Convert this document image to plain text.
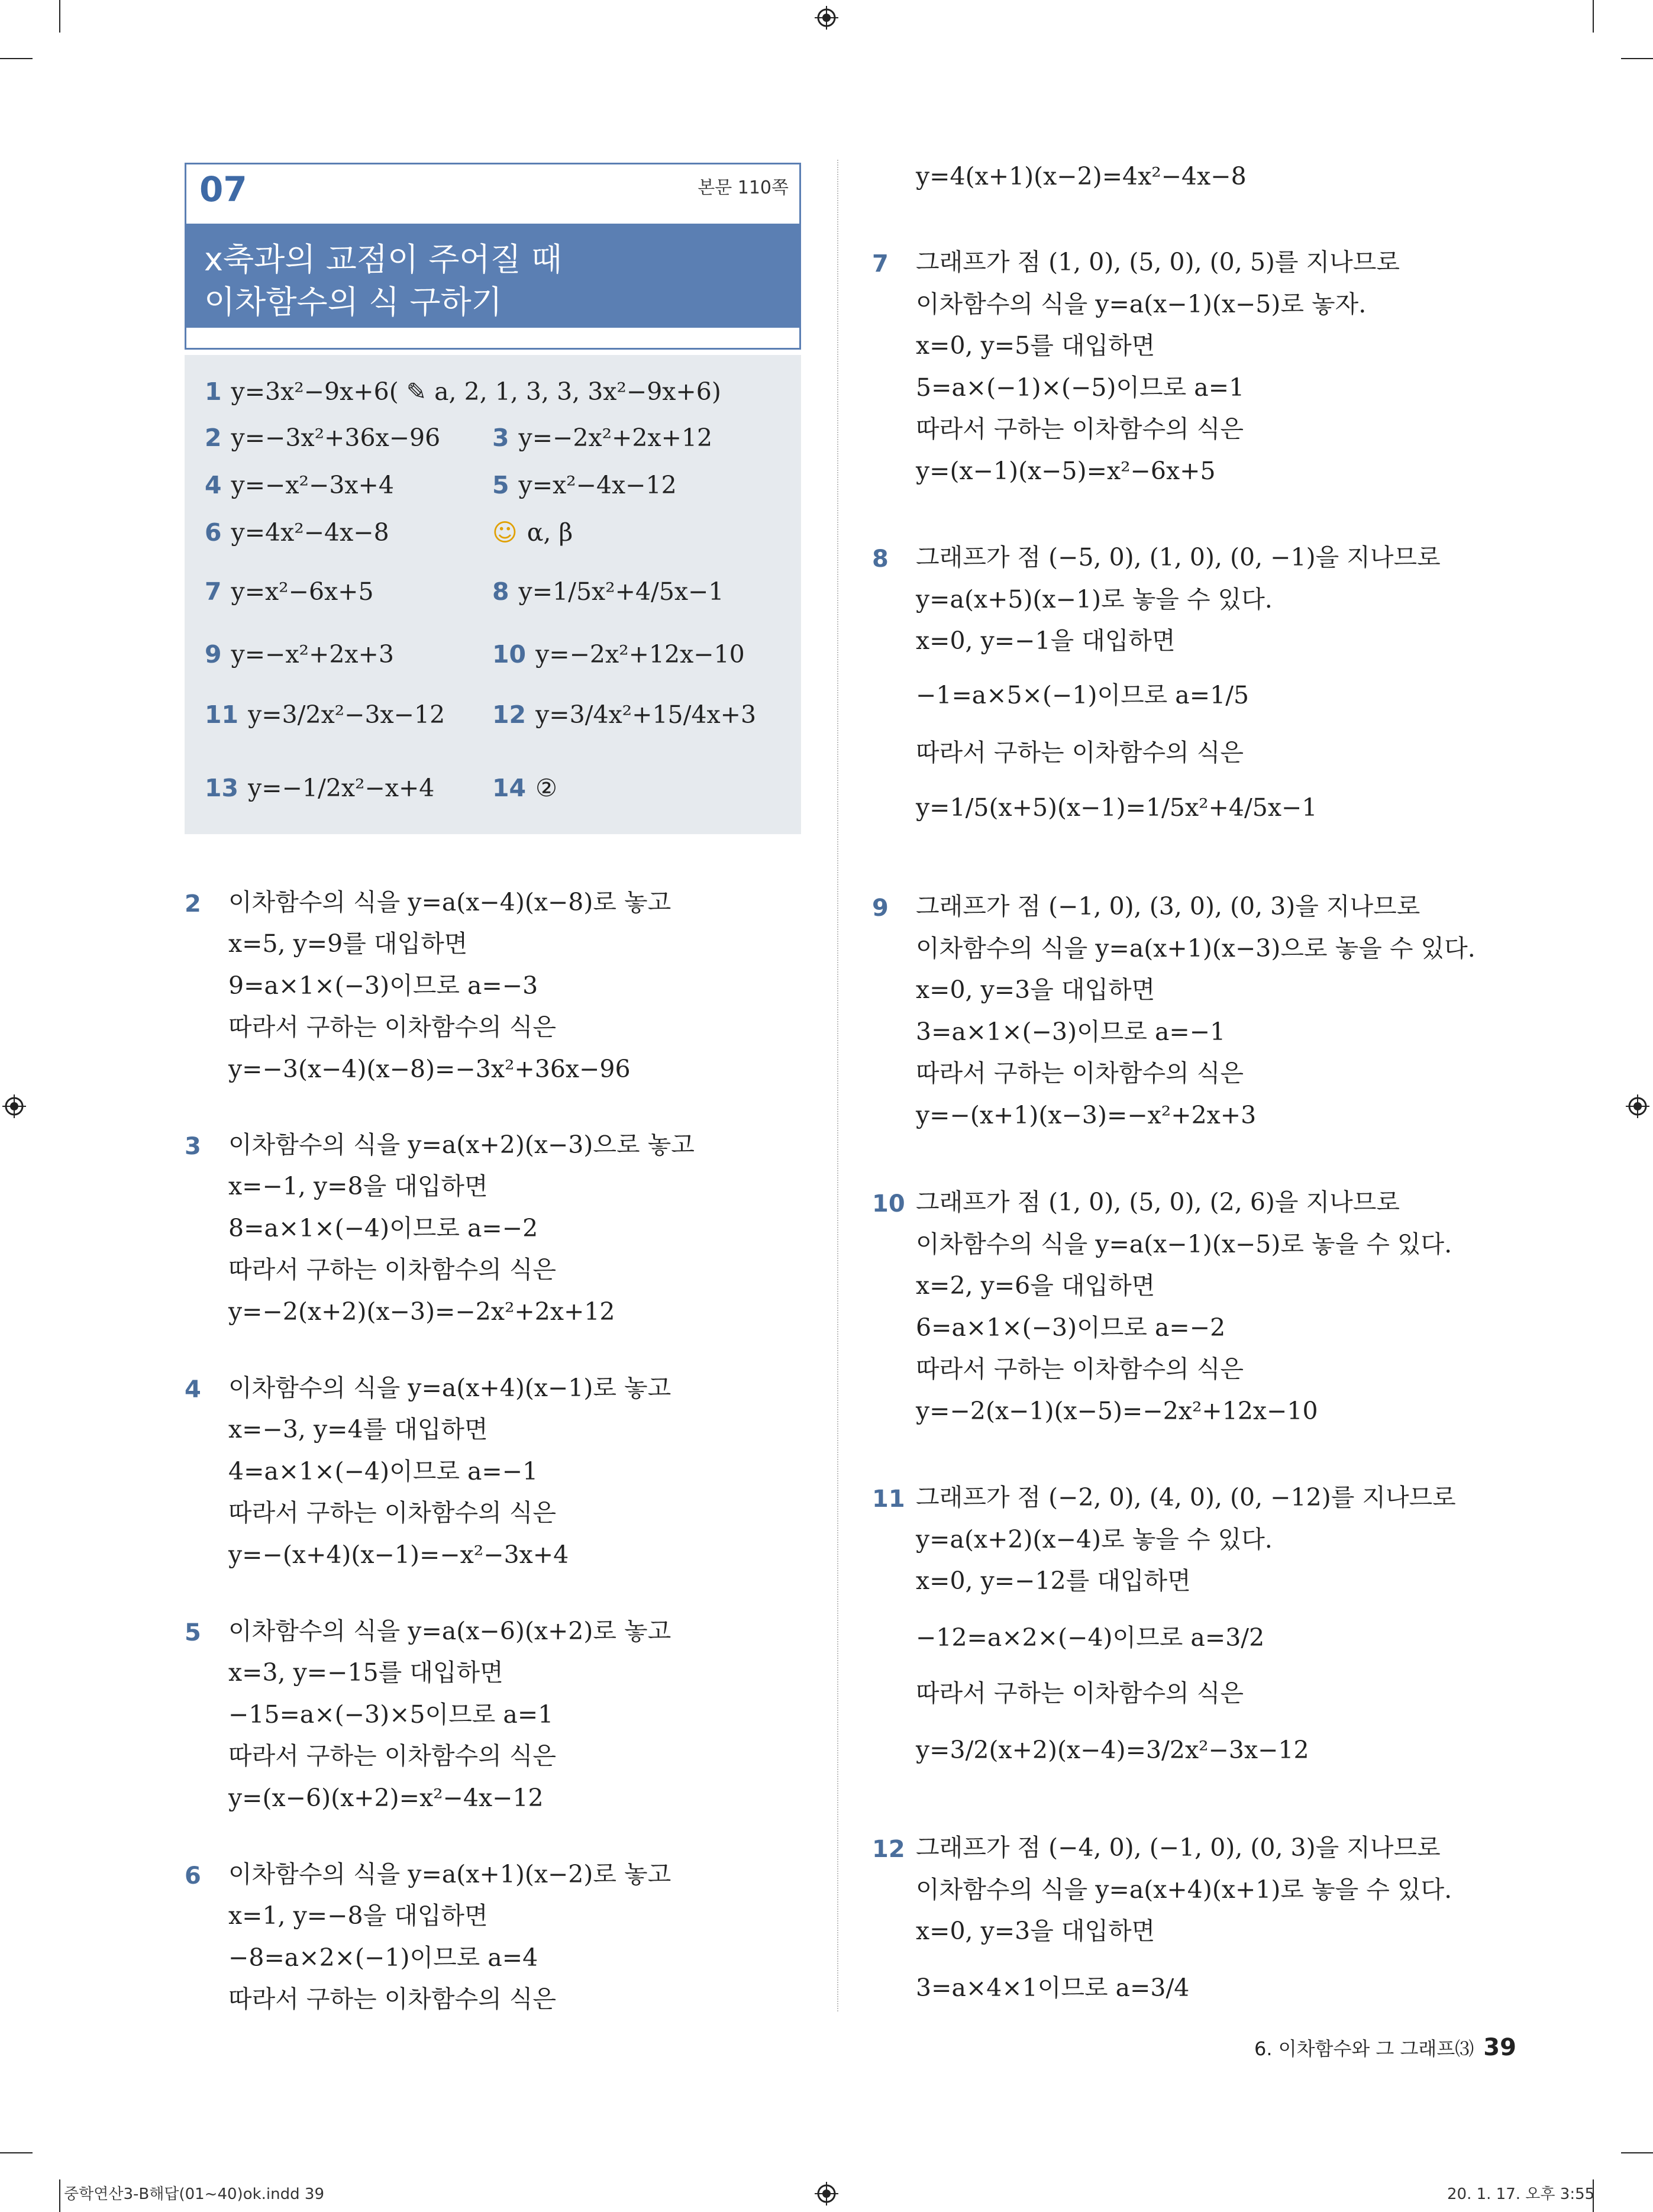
07	본문 110쪽
x축과의 교점이 주어질 때
이차함수의 식 구하기
1 y=3x²−9x+6( ✎ a, 2, 1, 3, 3, 3x²−9x+6)
2 y=−3x²+36x−96 3 y=−2x²+2x+12
4 y=−x²−3x+4	5 y=x²−4x−12
6 y=4x²−4x−8	☺ α, β
7 y=x²−6x+5	8 y=1/5x²+4/5x−1
9 y=−x²+2x+3	10 y=−2x²+12x−10
11 y=3/2x²−3x−12 12 y=3/4x²+15/4x+3
13 y=−1/2x²−x+4 14 ②
2 이차함수의 식을 y=a(x−4)(x−8)로 놓고
x=5, y=9를 대입하면
9=a×1×(−3)이므로 a=−3
따라서 구하는 이차함수의 식은
y=−3(x−4)(x−8)=−3x²+36x−96
3 이차함수의 식을 y=a(x+2)(x−3)으로 놓고
x=−1, y=8을 대입하면
8=a×1×(−4)이므로 a=−2
따라서 구하는 이차함수의 식은
y=−2(x+2)(x−3)=−2x²+2x+12
4 이차함수의 식을 y=a(x+4)(x−1)로 놓고
x=−3, y=4를 대입하면
4=a×1×(−4)이므로 a=−1
따라서 구하는 이차함수의 식은
y=−(x+4)(x−1)=−x²−3x+4
5 이차함수의 식을 y=a(x−6)(x+2)로 놓고
x=3, y=−15를 대입하면
−15=a×(−3)×5이므로 a=1
따라서 구하는 이차함수의 식은
y=(x−6)(x+2)=x²−4x−12
6 이차함수의 식을 y=a(x+1)(x−2)로 놓고
x=1, y=−8을 대입하면
−8=a×2×(−1)이므로 a=4
따라서 구하는 이차함수의 식은
y=4(x+1)(x−2)=4x²−4x−8
7 그래프가 점 (1, 0), (5, 0), (0, 5)를 지나므로
이차함수의 식을 y=a(x−1)(x−5)로 놓자.
x=0, y=5를 대입하면
5=a×(−1)×(−5)이므로 a=1
따라서 구하는 이차함수의 식은
y=(x−1)(x−5)=x²−6x+5
8 그래프가 점 (−5, 0), (1, 0), (0, −1)을 지나므로
y=a(x+5)(x−1)로 놓을 수 있다.
x=0, y=−1을 대입하면
−1=a×5×(−1)이므로 a=1/5
따라서 구하는 이차함수의 식은
y=1/5(x+5)(x−1)=1/5x²+4/5x−1
9 그래프가 점 (−1, 0), (3, 0), (0, 3)을 지나므로
이차함수의 식을 y=a(x+1)(x−3)으로 놓을 수 있다.
x=0, y=3을 대입하면
3=a×1×(−3)이므로 a=−1
따라서 구하는 이차함수의 식은
y=−(x+1)(x−3)=−x²+2x+3
10 그래프가 점 (1, 0), (5, 0), (2, 6)을 지나므로
이차함수의 식을 y=a(x−1)(x−5)로 놓을 수 있다.
x=2, y=6을 대입하면
6=a×1×(−3)이므로 a=−2
따라서 구하는 이차함수의 식은
y=−2(x−1)(x−5)=−2x²+12x−10
11 그래프가 점 (−2, 0), (4, 0), (0, −12)를 지나므로
y=a(x+2)(x−4)로 놓을 수 있다.
x=0, y=−12를 대입하면
−12=a×2×(−4)이므로 a=3/2
따라서 구하는 이차함수의 식은
y=3/2(x+2)(x−4)=3/2x²−3x−12
12 그래프가 점 (−4, 0), (−1, 0), (0, 3)을 지나므로
이차함수의 식을 y=a(x+4)(x+1)로 놓을 수 있다.
x=0, y=3을 대입하면
3=a×4×1이므로 a=3/4
6. 이차함수와 그 그래프⑶ 39
중학연산3-B해답(01~40)ok.indd 39	20. 1. 17. 오후 3:55
